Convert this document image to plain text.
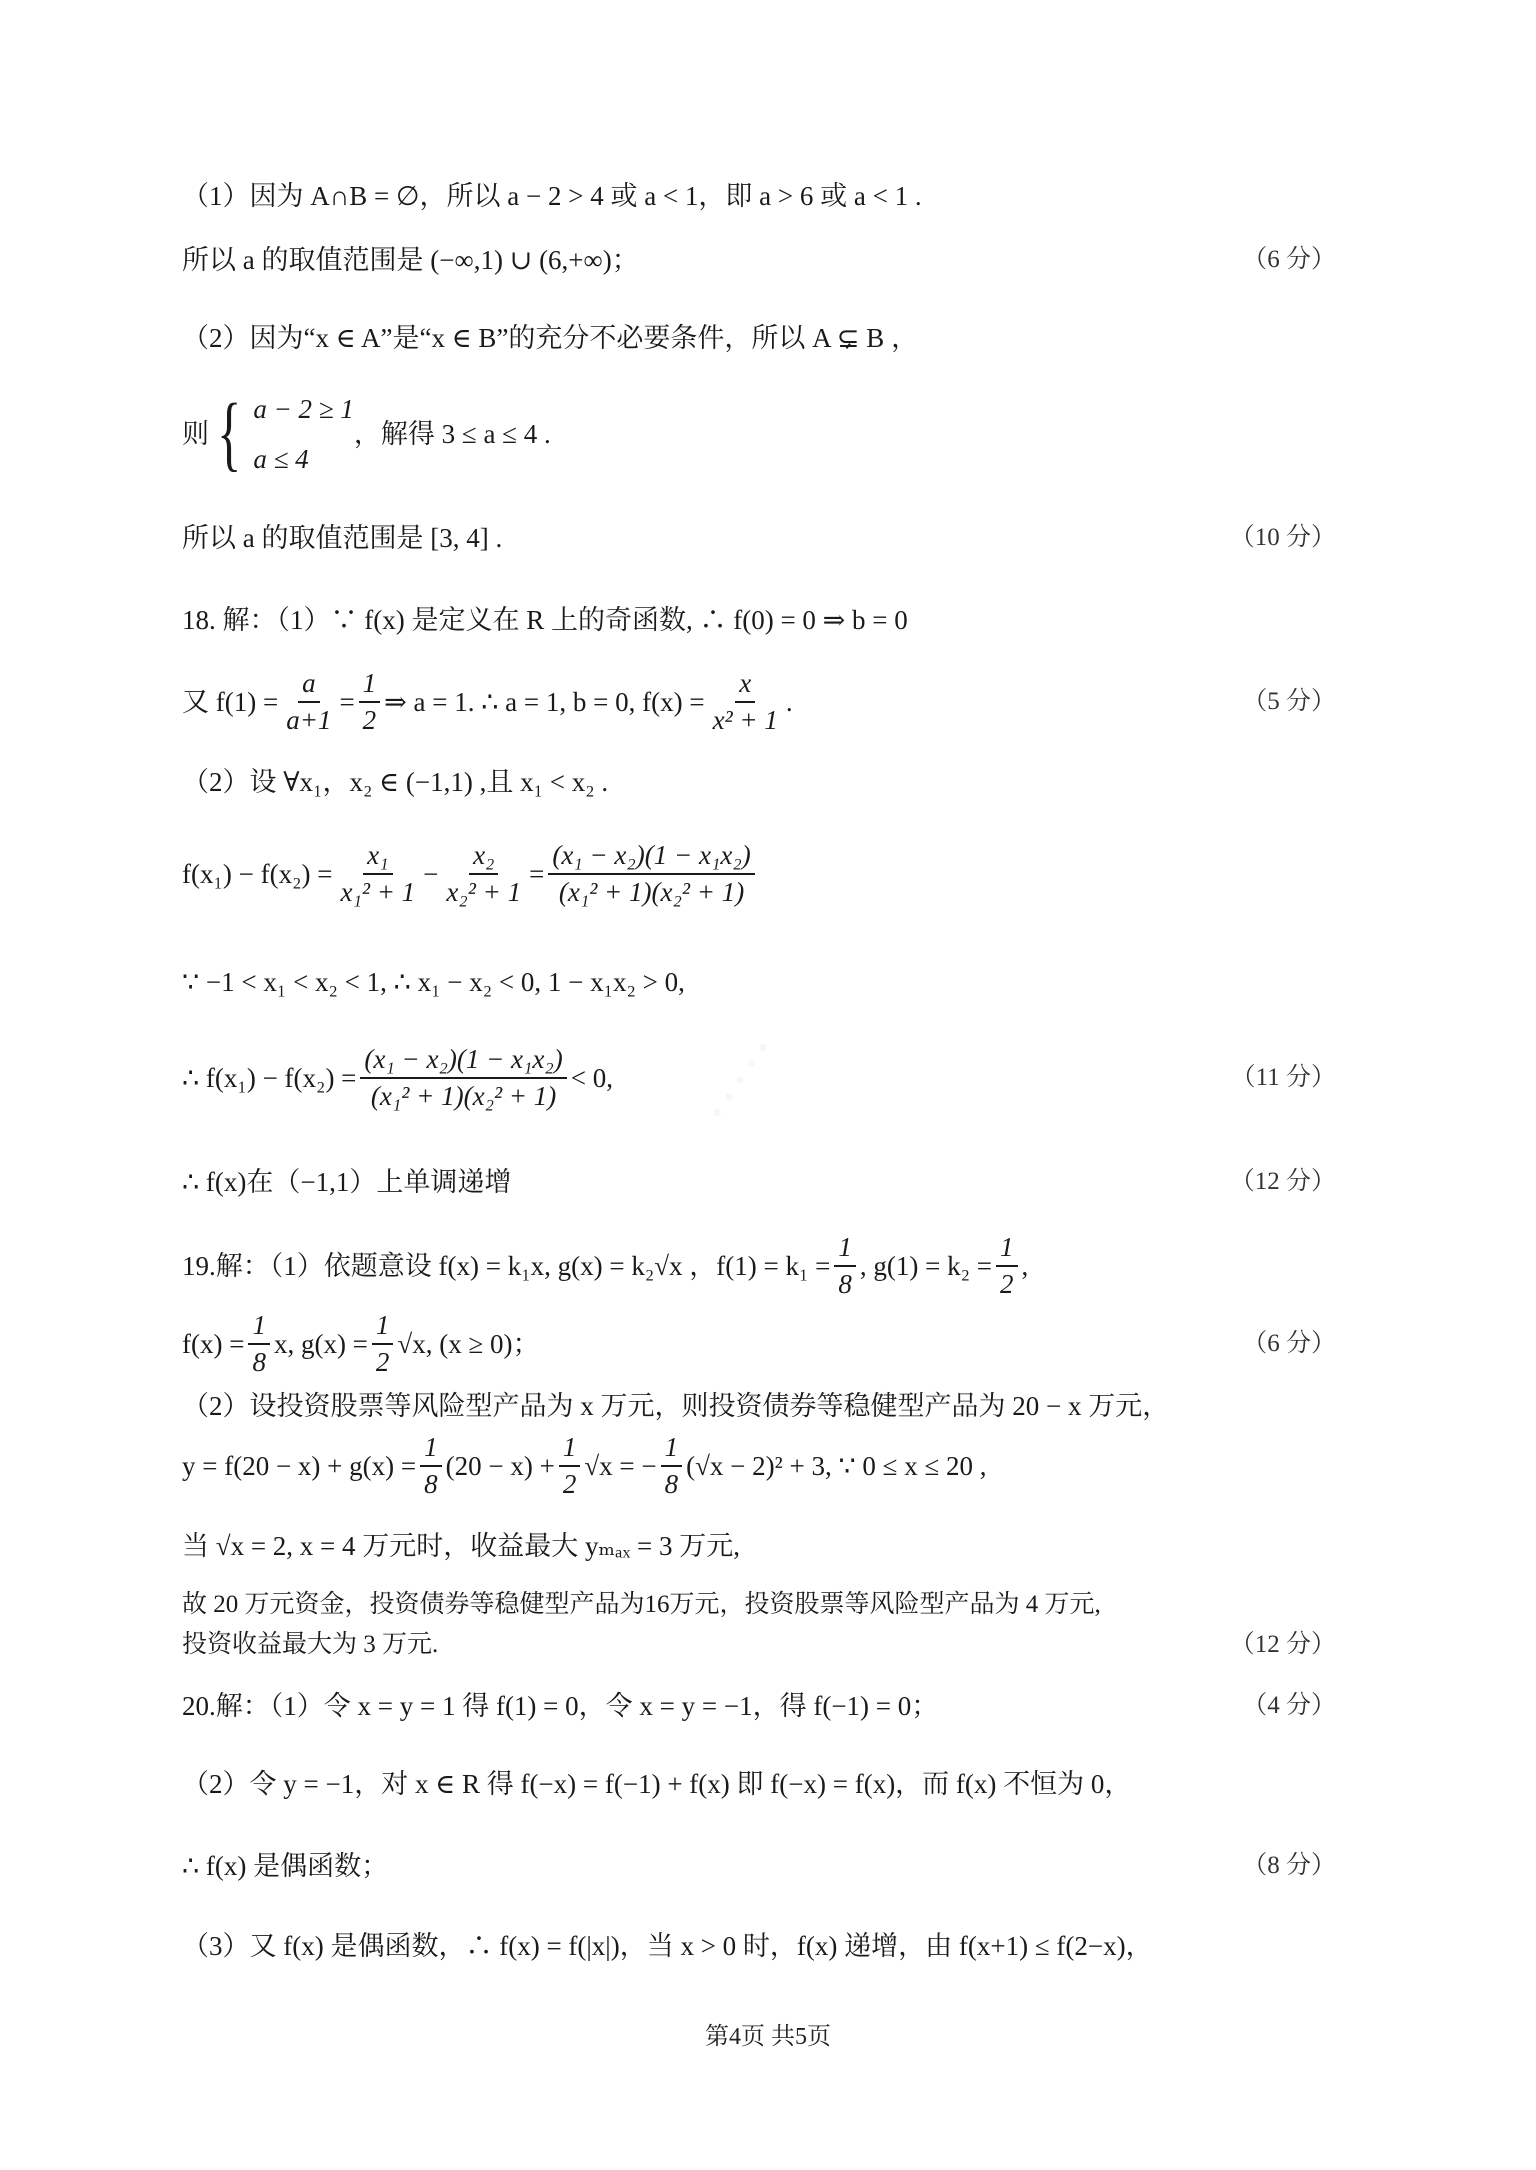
·····
（1）因为 A∩B = ∅，所以 a − 2 > 4 或 a < 1，即 a > 6 或 a < 1 .
所以 a 的取值范围是 (−∞,1) ∪ (6,+∞)；	（6 分）
（2）因为“x ∈ A”是“x ∈ B”的充分不必要条件，所以 A ⊊ B ，
则 { a − 2 ≥ 1
a ≤ 4
，解得 3 ≤ a ≤ 4 .
所以 a 的取值范围是 [3, 4] .	（10 分）
18. 解：（1）∵ f(x) 是定义在 R 上的奇函数, ∴ f(0) = 0 ⇒ b = 0
又 $f(1) = \frac{a}{a+1} = \frac{1}{2}$ ⇒ a = 1. ∴ a = 1, b = 0, $f(x) = \frac{x}{\text{x² + 1}}$ .	（5 分）
（2）设 ∀x₁，x₂ ∈ (−1,1) ,且 x₁ < x₂ .
$f(x_1) - f(x_2) = \frac{\text{x₁}}{\text{x₁² + 1}} - \frac{\text{x₂}}{\text{x₂² + 1}} = \frac{\text{(x₁ − x₂)(1 − x₁x₂)}}{\text{(x₁² + 1)(x₂² + 1)}}$
∵ −1 < x₁ < x₂ < 1, ∴ x₁ − x₂ < 0, 1 − x₁x₂ > 0,
∴ $f(x_1) - f(x_2) = \frac{\text{(x₁ − x₂)(1 − x₁x₂)}}{\text{(x₁² + 1)(x₂² + 1)}} < 0$,	（11 分）
∴ f(x)在（−1,1）上单调递增	（12 分）
19.解：（1）依题意设 f(x) = k₁x, g(x) = k₂√x ，$f(1) = k_1 = \frac{1}{8}$ , $g(1) = k_2 = \frac{1}{2}$ ,
$f(x) = \frac{1}{8} x$, $g(x) = \frac{1}{2} √x$, (x ≥ 0)；	（6 分）
（2）设投资股票等风险型产品为 x 万元，则投资债券等稳健型产品为 20 − x 万元，
$y = f(20 - x) + g(x) = \frac{1}{8} (20 - x) + \frac{1}{2} √x$ = − $\frac{1}{8} (√x - 2)^2 + 3$, ∵ 0 ≤ x ≤ 20 ,
当 √x = 2, x = 4 万元时，收益最大 yₘₐₓ = 3 万元,
故 20 万元资金，投资债券等稳健型产品为16万元，投资股票等风险型产品为 4 万元,
投资收益最大为 3 万元.	（12 分）
20.解：（1）令 x = y = 1 得 f(1) = 0，令 x = y = −1，得 f(−1) = 0；	（4 分）
（2）令 y = −1，对 x ∈ R 得 f(−x) = f(−1) + f(x) 即 f(−x) = f(x)，而 f(x) 不恒为 0，
∴ f(x) 是偶函数；	（8 分）
（3）又 f(x) 是偶函数，∴ f(x) = f(|x|)，当 x > 0 时，f(x) 递增，由 f(x+1) ≤ f(2−x)，
第4页 共5页
